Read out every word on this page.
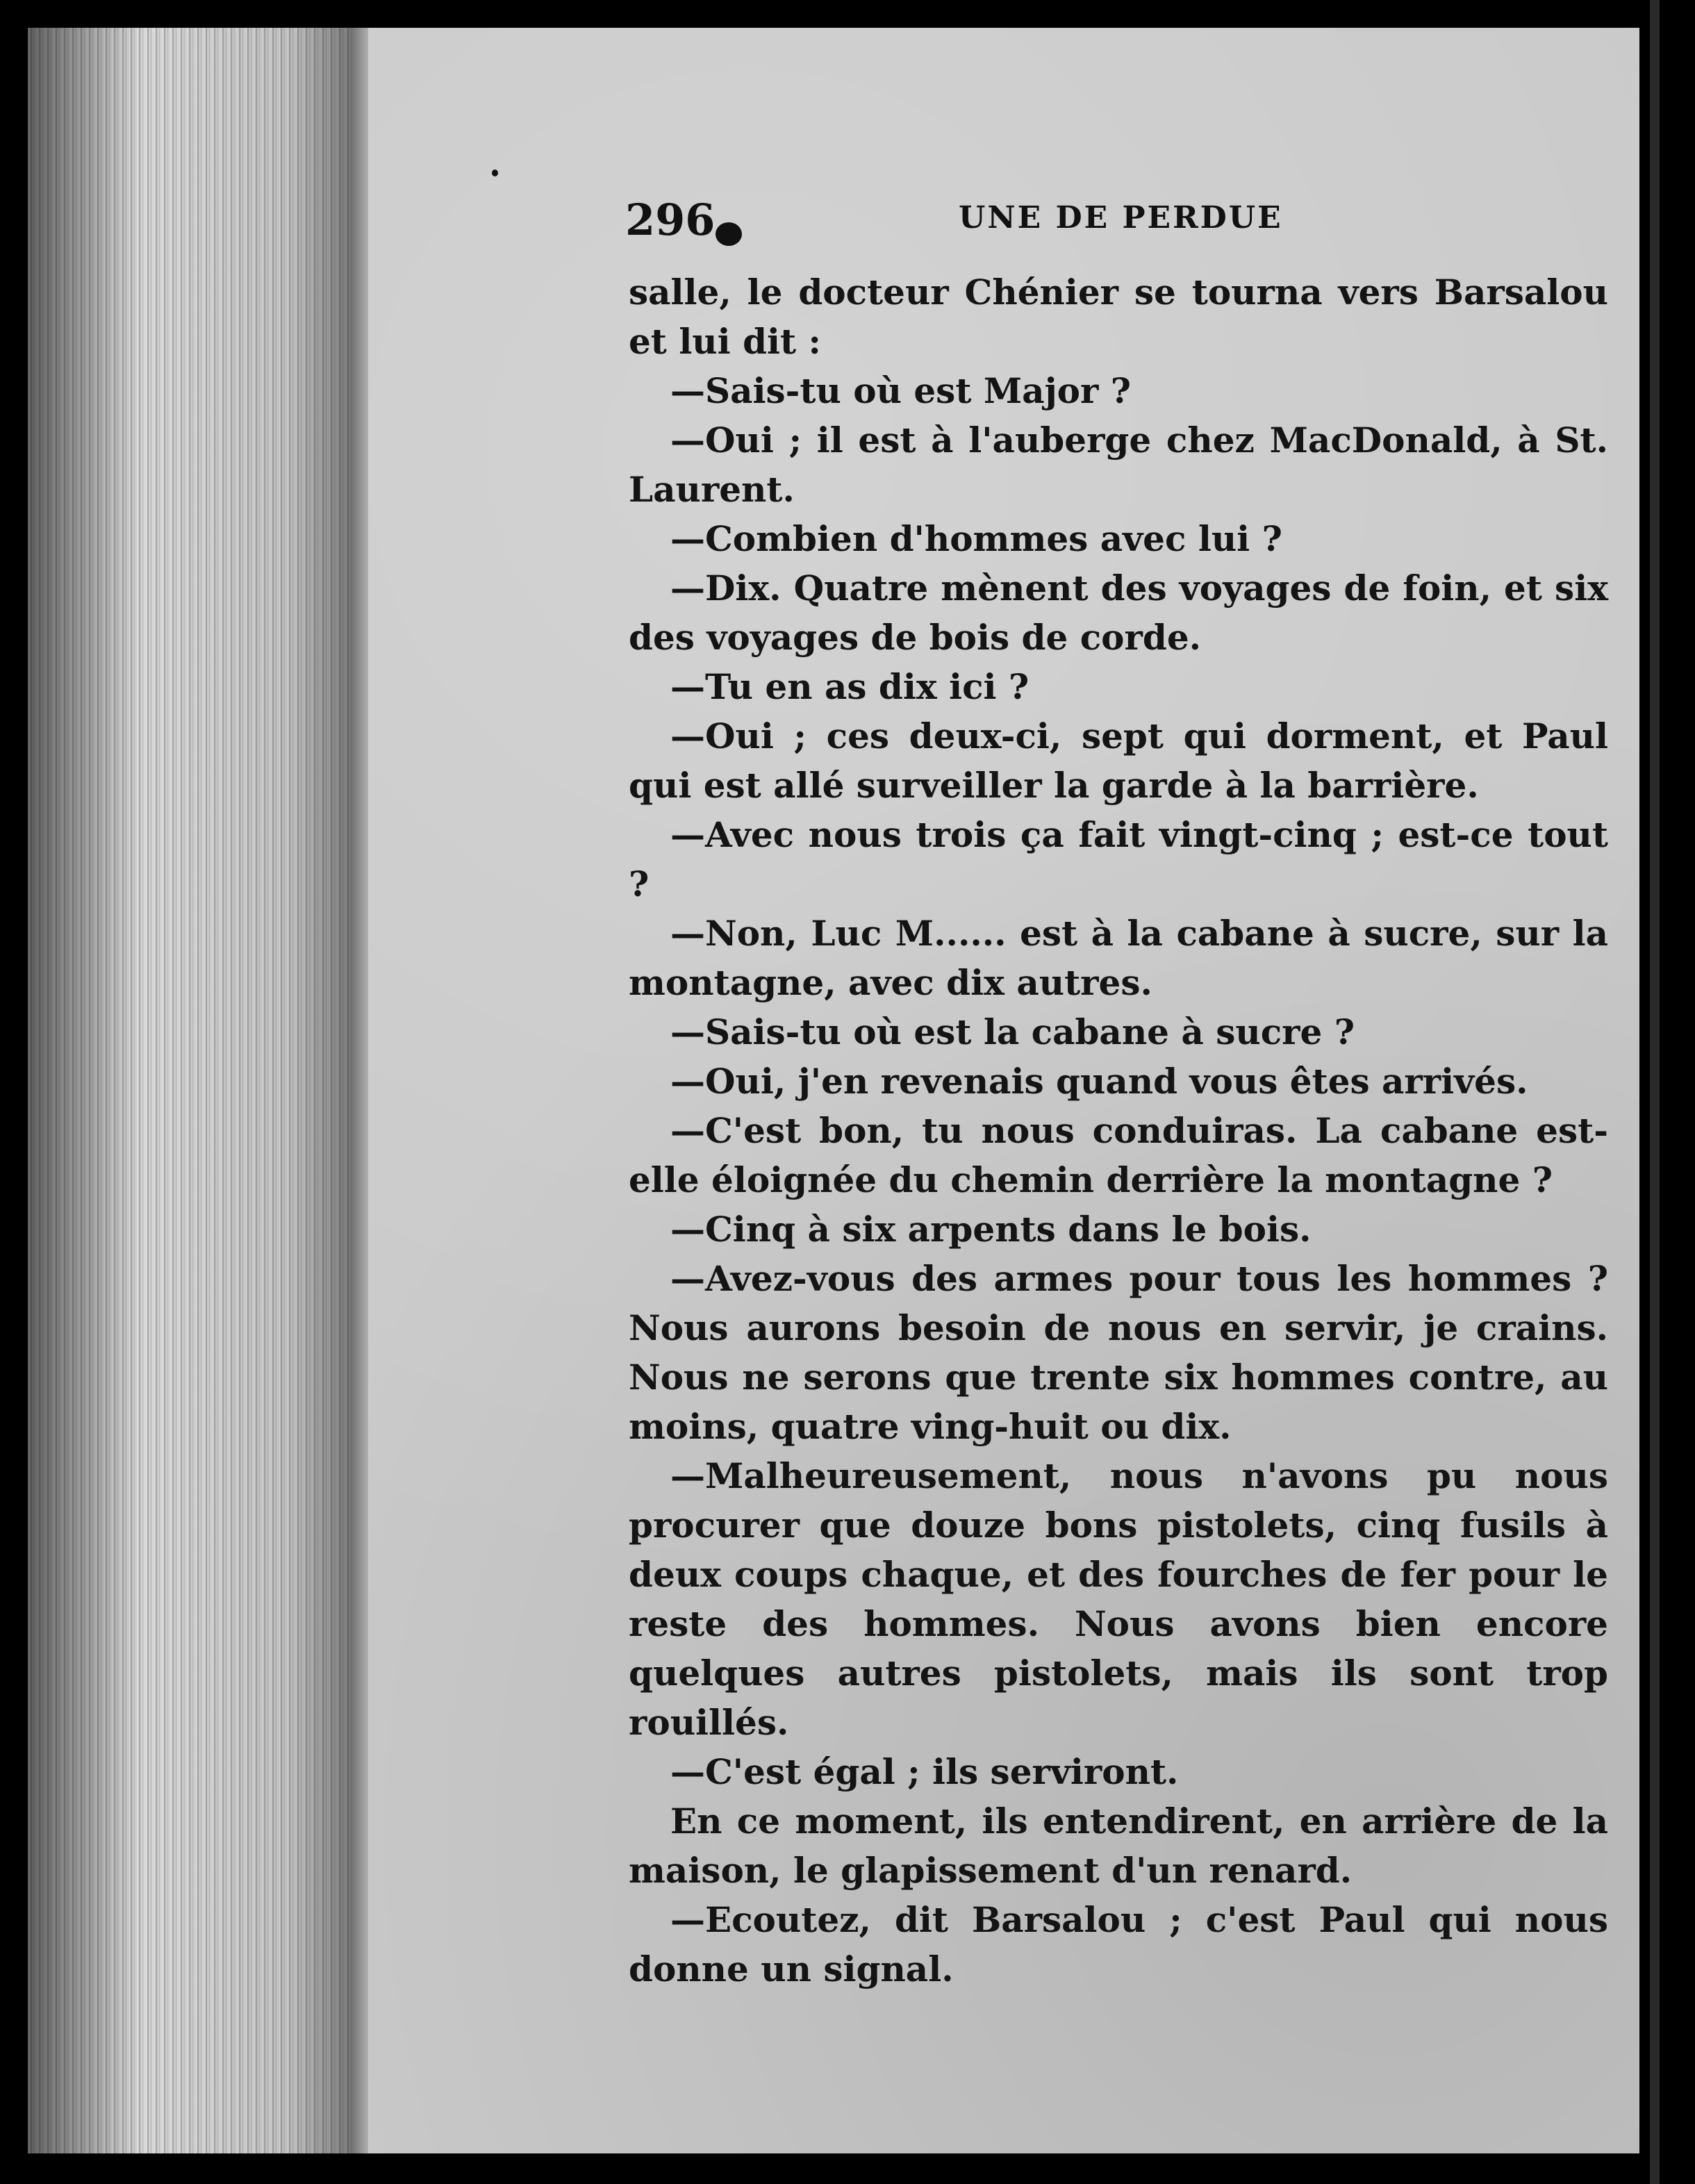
296	UNE DE PERDUE

salle, le docteur Chénier se tourna vers Barsalou et lui dit :

—Sais-tu où est Major ?

—Oui ; il est à l'auberge chez MacDonald, à St. Laurent.

—Combien d'hommes avec lui ?

—Dix. Quatre mènent des voyages de foin, et six des voyages de bois de corde.

—Tu en as dix ici ?

—Oui ; ces deux-ci, sept qui dorment, et Paul qui est allé surveiller la garde à la barrière.

—Avec nous trois ça fait vingt-cinq ; est-ce tout ?

—Non, Luc M...... est à la cabane à sucre, sur la montagne, avec dix autres.

—Sais-tu où est la cabane à sucre ?

—Oui, j'en revenais quand vous êtes arrivés.

—C'est bon, tu nous conduiras. La cabane est-elle éloignée du chemin derrière la montagne ?

—Cinq à six arpents dans le bois.

—Avez-vous des armes pour tous les hommes ? Nous aurons besoin de nous en servir, je crains. Nous ne serons que trente six hommes contre, au moins, quatre ving-huit ou dix.

—Malheureusement, nous n'avons pu nous procurer que douze bons pistolets, cinq fusils à deux coups chaque, et des fourches de fer pour le reste des hommes. Nous avons bien encore quelques autres pistolets, mais ils sont trop rouillés.

—C'est égal ; ils serviront.

En ce moment, ils entendirent, en arrière de la maison, le glapissement d'un renard.

—Ecoutez, dit Barsalou ; c'est Paul qui nous donne un signal.
